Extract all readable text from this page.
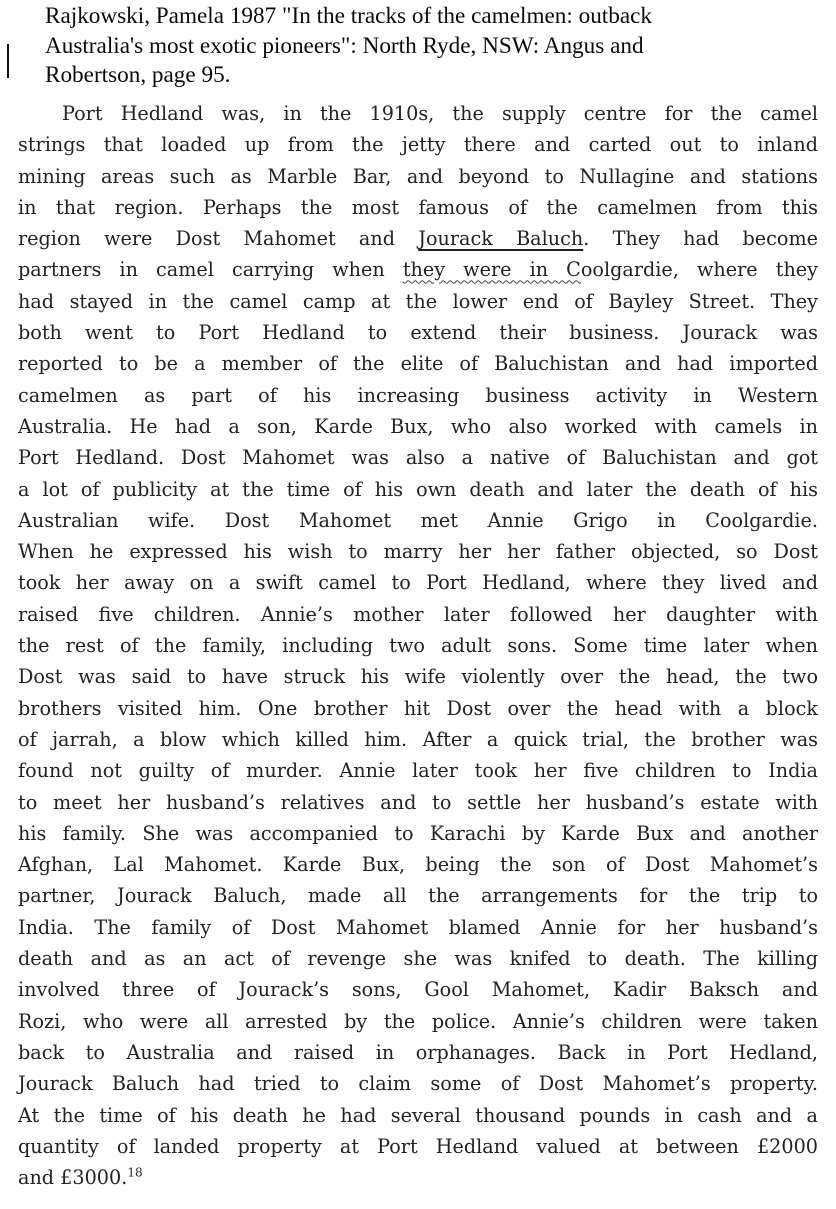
Rajkowski, Pamela 1987 "In the tracks of the camelmen: outback
Australia's most exotic pioneers": North Ryde, NSW: Angus and
Robertson, page 95.
Port Hedland was, in the 1910s, the supply centre for the camel
strings that loaded up from the jetty there and carted out to inland
mining areas such as Marble Bar, and beyond to Nullagine and stations
in that region. Perhaps the most famous of the camelmen from this
region were Dost Mahomet and Jourack Baluch. They had become
partners in camel carrying when they were in Coolgardie, where they
had stayed in the camel camp at the lower end of Bayley Street. They
both went to Port Hedland to extend their business. Jourack was
reported to be a member of the elite of Baluchistan and had imported
camelmen as part of his increasing business activity in Western
Australia. He had a son, Karde Bux, who also worked with camels in
Port Hedland. Dost Mahomet was also a native of Baluchistan and got
a lot of publicity at the time of his own death and later the death of his
Australian wife. Dost Mahomet met Annie Grigo in Coolgardie.
When he expressed his wish to marry her her father objected, so Dost
took her away on a swift camel to Port Hedland, where they lived and
raised five children. Annie’s mother later followed her daughter with
the rest of the family, including two adult sons. Some time later when
Dost was said to have struck his wife violently over the head, the two
brothers visited him. One brother hit Dost over the head with a block
of jarrah, a blow which killed him. After a quick trial, the brother was
found not guilty of murder. Annie later took her five children to India
to meet her husband’s relatives and to settle her husband’s estate with
his family. She was accompanied to Karachi by Karde Bux and another
Afghan, Lal Mahomet. Karde Bux, being the son of Dost Mahomet’s
partner, Jourack Baluch, made all the arrangements for the trip to
India. The family of Dost Mahomet blamed Annie for her husband’s
death and as an act of revenge she was knifed to death. The killing
involved three of Jourack’s sons, Gool Mahomet, Kadir Baksch and
Rozi, who were all arrested by the police. Annie’s children were taken
back to Australia and raised in orphanages. Back in Port Hedland,
Jourack Baluch had tried to claim some of Dost Mahomet’s property.
At the time of his death he had several thousand pounds in cash and a
quantity of landed property at Port Hedland valued at between £2000
and £3000.18
